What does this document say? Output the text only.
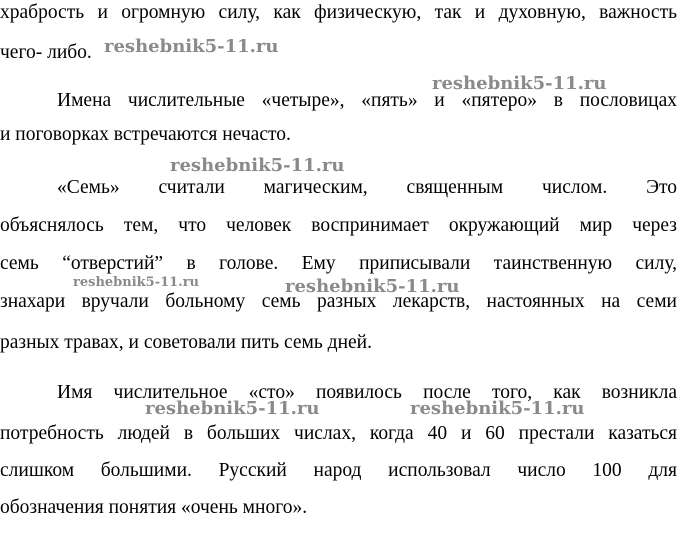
храбрость и огромную силу, как физическую, так и духовную, важность
чего- либо.
Имена числительные «четыре», «пять» и «пятеро» в пословицах
и поговорках встречаются нечасто.
«Семь» считали магическим, священным числом. Это
объяснялось тем, что человек воспринимает окружающий мир через
семь “отверстий” в голове. Ему приписывали таинственную силу,
знахари вручали больному семь разных лекарств, настоянных на семи
разных травах, и советовали пить семь дней.
Имя числительное «сто» появилось после того, как возникла
потребность людей в больших числах, когда 40 и 60 престали казаться
слишком большими. Русский народ использовал число 100 для
обозначения понятия «очень много».
reshebnik5-11.ru
reshebnik5-11.ru
reshebnik5-11.ru
reshebnik5-11.ru	reshebnik5-11.ru
reshebnik5-11.ru	reshebnik5-11.ru
